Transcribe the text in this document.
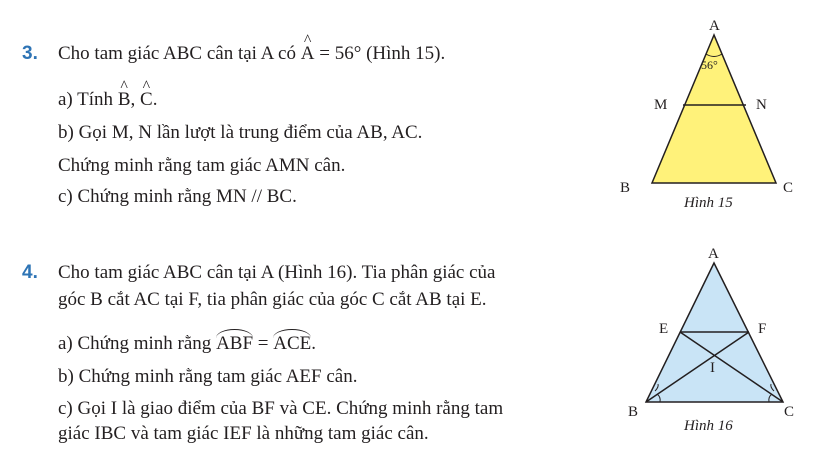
3. Cho tam giác ABC cân tại A có ^ A = 56° (Hình 15).
a) Tính ^ B, ^ C.
b) Gọi M, N lần lượt là trung điểm của AB, AC.
Chứng minh rằng tam giác AMN cân.
c) Chứng minh rằng MN // BC.
4. Cho tam giác ABC cân tại A (Hình 16). Tia phân giác của
góc B cắt AC tại F, tia phân giác của góc C cắt AB tại E.
a) Chứng minh rằng ABF = ACE.
b) Chứng minh rằng tam giác AEF cân.
c) Gọi I là giao điểm của BF và CE. Chứng minh rằng tam
giác IBC và tam giác IEF là những tam giác cân.
A
56°
M	N
B	C
Hình 15
A
E	F
I
B	C
Hình 16
